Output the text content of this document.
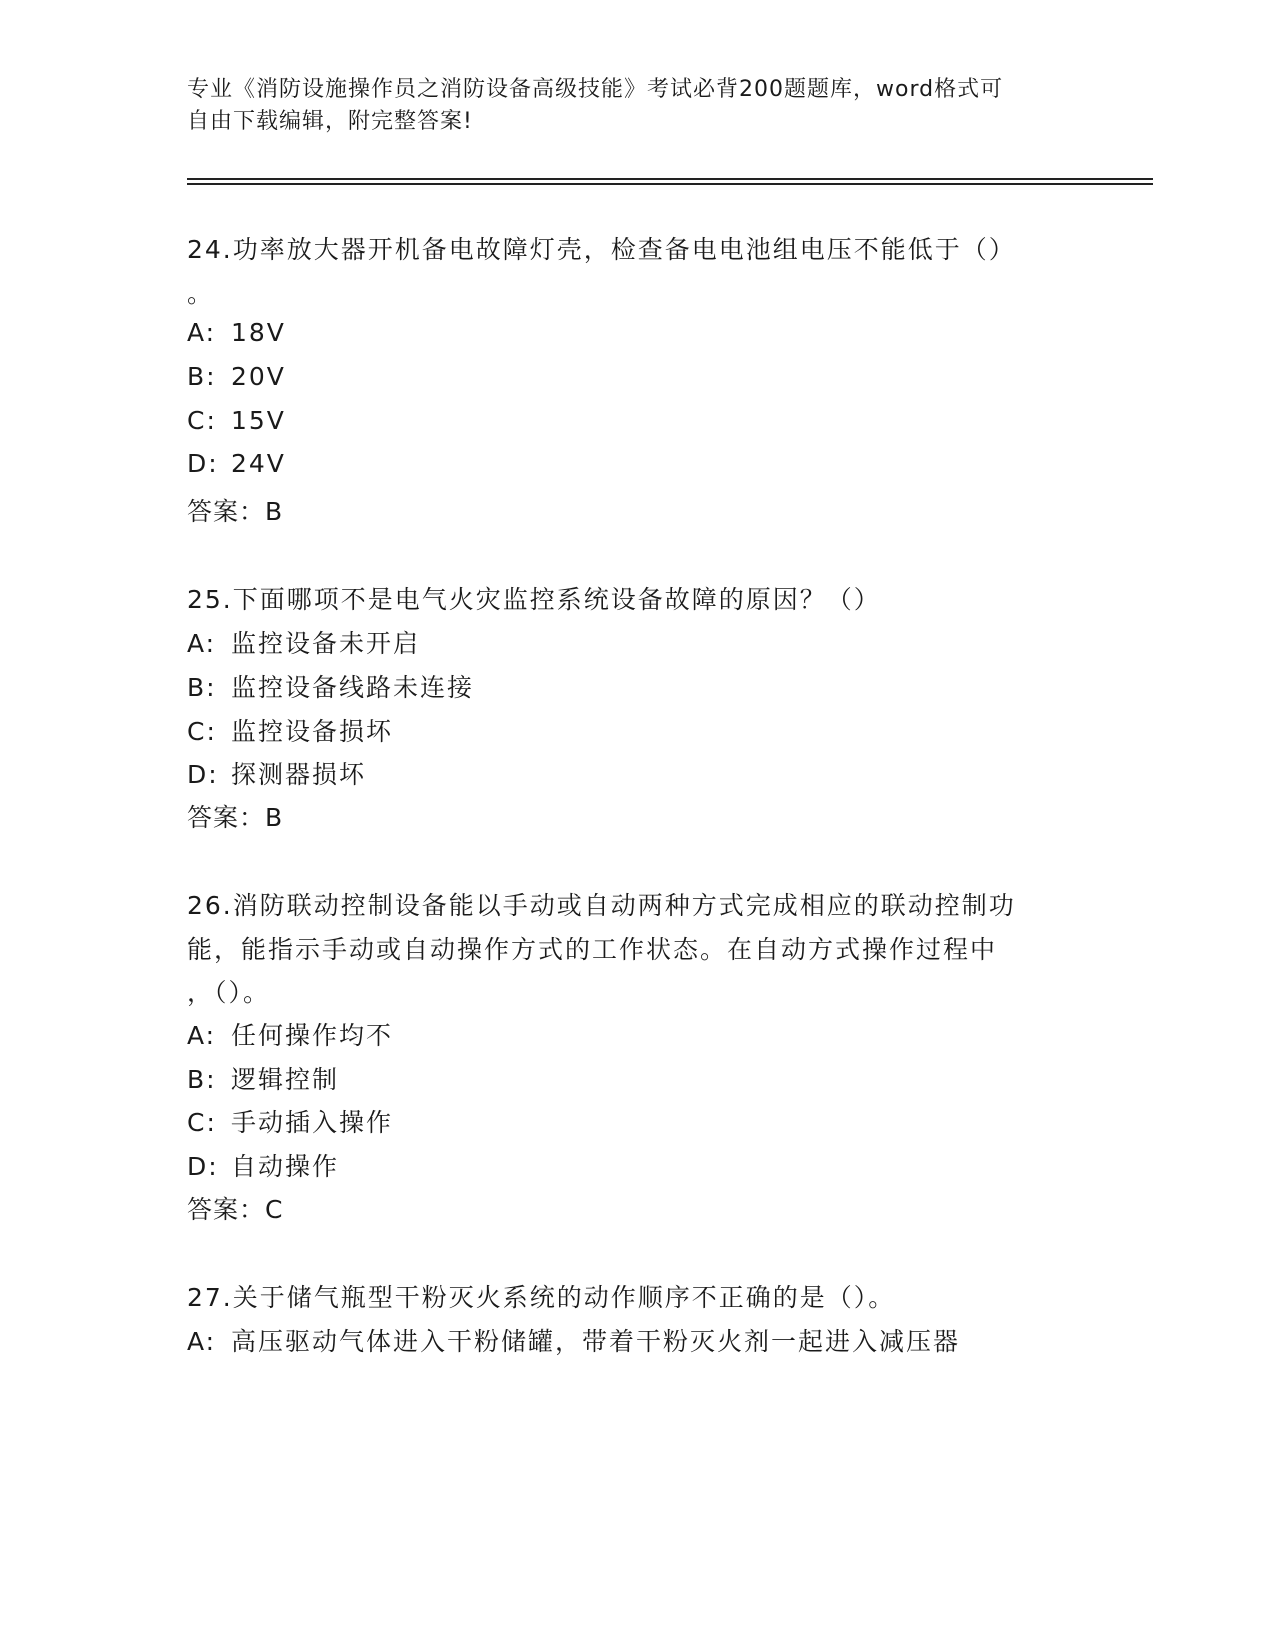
专业《消防设施操作员之消防设备高级技能》考试必背200题题库，word格式可
自由下载编辑，附完整答案!
24.功率放大器开机备电故障灯壳，检查备电电池组电压不能低于（）
。
A: 18V
B: 20V
C: 15V
D: 24V
答案：B
25.下面哪项不是电气火灾监控系统设备故障的原因？（）
A: 监控设备未开启
B: 监控设备线路未连接
C: 监控设备损坏
D: 探测器损坏
答案：B
26.消防联动控制设备能以手动或自动两种方式完成相应的联动控制功
能，能指示手动或自动操作方式的工作状态。在自动方式操作过程中
，（）。
A: 任何操作均不
B: 逻辑控制
C: 手动插入操作
D: 自动操作
答案：C
27.关于储气瓶型干粉灭火系统的动作顺序不正确的是（）。
A: 高压驱动气体进入干粉储罐，带着干粉灭火剂一起进入减压器
